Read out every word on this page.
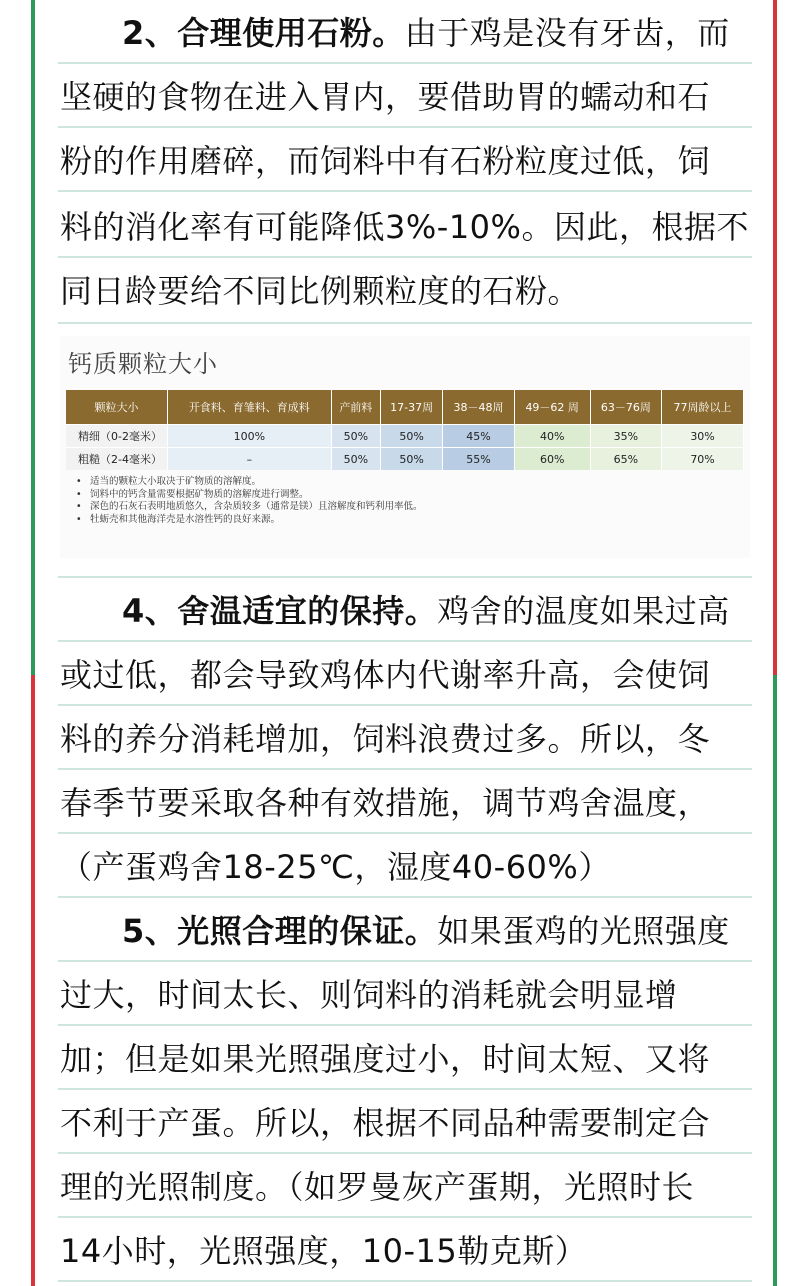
2、合理使用石粉。由于鸡是没有牙齿，而
坚硬的食物在进入胃内，要借助胃的蠕动和石
粉的作用磨碎，而饲料中有石粉粒度过低，饲
料的消化率有可能降低3%-10%。因此，根据不
同日龄要给不同比例颗粒度的石粉。
钙质颗粒大小
颗粒大小	开食料、育雏料、育成料	产前料	17-37周	38－48周	49－62 周	63－76周	77周龄以上
精细（0-2毫米）	100%	50%	50%	45%	40%	35%	30%
粗糙（2-4毫米）	–	50%	50%	55%	60%	65%	70%
• 适当的颗粒大小取决于矿物质的溶解度。
• 饲料中的钙含量需要根据矿物质的溶解度进行调整。
• 深色的石灰石表明地质悠久，含杂质较多（通常是镁）且溶解度和钙利用率低。
• 牡蛎壳和其他海洋壳是水溶性钙的良好来源。
4、舍温适宜的保持。鸡舍的温度如果过高
或过低，都会导致鸡体内代谢率升高，会使饲
料的养分消耗增加，饲料浪费过多。所以，冬
春季节要采取各种有效措施，调节鸡舍温度，
（产蛋鸡舍18-25℃，湿度40-60%）
5、光照合理的保证。如果蛋鸡的光照强度
过大，时间太长、则饲料的消耗就会明显增
加；但是如果光照强度过小，时间太短、又将
不利于产蛋。所以，根据不同品种需要制定合
理的光照制度。（如罗曼灰产蛋期，光照时长
14小时，光照强度，10-15勒克斯）
